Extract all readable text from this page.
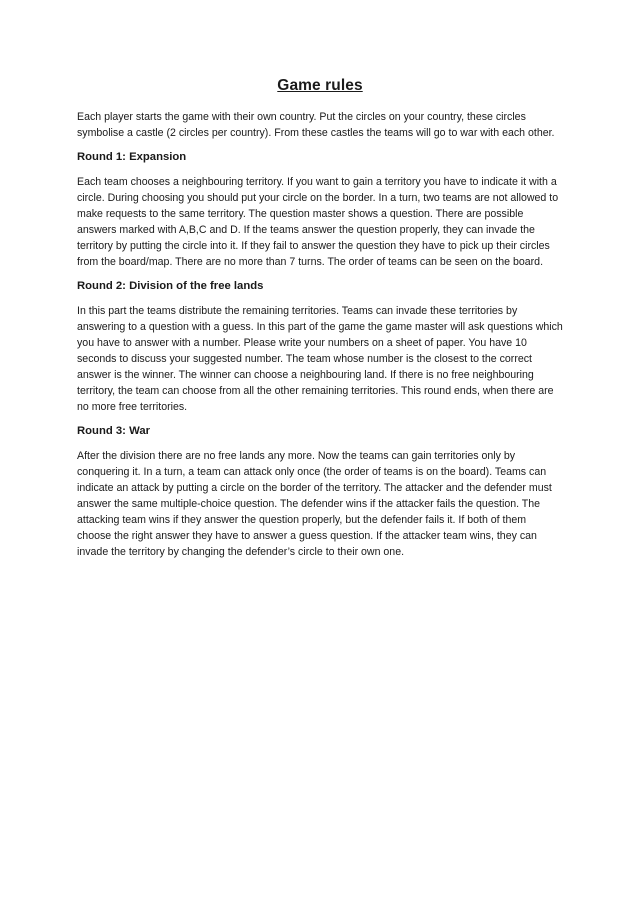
Game rules

Each player starts the game with their own country. Put the circles on your country, these circles symbolise a castle (2 circles per country). From these castles the teams will go to war with each other.

Round 1: Expansion

Each team chooses a neighbouring territory. If you want to gain a territory you have to indicate it with a circle. During choosing you should put your circle on the border. In a turn, two teams are not allowed to make requests to the same territory. The question master shows a question. There are possible answers marked with A,B,C and D. If the teams answer the question properly, they can invade the territory by putting the circle into it. If they fail to answer the question they have to pick up their circles from the board/map. There are no more than 7 turns. The order of teams can be seen on the board.

Round 2: Division of the free lands

In this part the teams distribute the remaining territories. Teams can invade these territories by answering to a question with a guess. In this part of the game the game master will ask questions which you have to answer with a number. Please write your numbers on a sheet of paper. You have 10 seconds to discuss your suggested number. The team whose number is the closest to the correct answer is the winner. The winner can choose a neighbouring land. If there is no free neighbouring territory, the team can choose from all the other remaining territories. This round ends, when there are no more free territories.

Round 3: War

After the division there are no free lands any more. Now the teams can gain territories only by conquering it. In a turn, a team can attack only once (the order of teams is on the board). Teams can indicate an attack by putting a circle on the border of the territory. The attacker and the defender must answer the same multiple-choice question. The defender wins if the attacker fails the question. The attacking team wins if they answer the question properly, but the defender fails it. If both of them choose the right answer they have to answer a guess question. If the attacker team wins, they can invade the territory by changing the defender’s circle to their own one.
